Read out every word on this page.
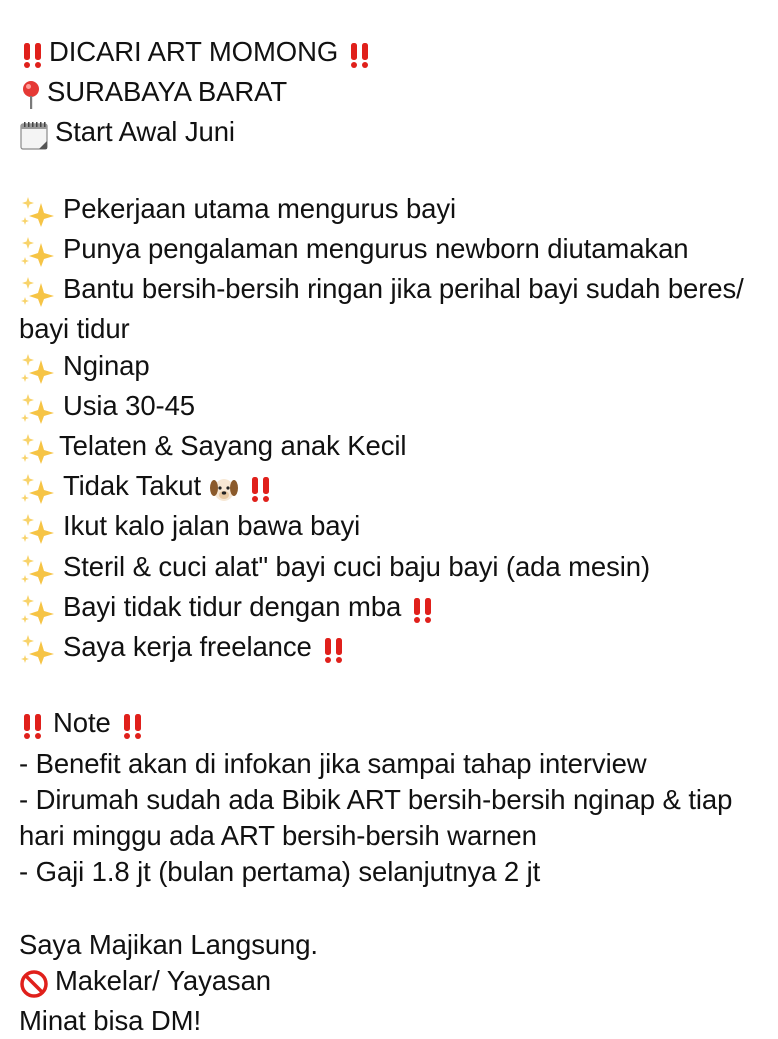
DICARI ART MOMONG
SURABAYA BARAT
Start Awal Juni
Pekerjaan utama mengurus bayi
Punya pengalaman mengurus newborn diutamakan
Bantu bersih-bersih ringan jika perihal bayi sudah beres/ bayi tidur
Nginap
Usia 30-45
Telaten & Sayang anak Kecil
Tidak Takut
Ikut kalo jalan bawa bayi
Steril & cuci alat" bayi cuci baju bayi (ada mesin)
Bayi tidak tidur dengan mba
Saya kerja freelance
Note
- Benefit akan di infokan jika sampai tahap interview
- Dirumah sudah ada Bibik ART bersih-bersih nginap & tiap hari minggu ada ART bersih-bersih warnen
- Gaji 1.8 jt (bulan pertama) selanjutnya 2 jt
Saya Majikan Langsung.
Makelar/ Yayasan
Minat bisa DM!
